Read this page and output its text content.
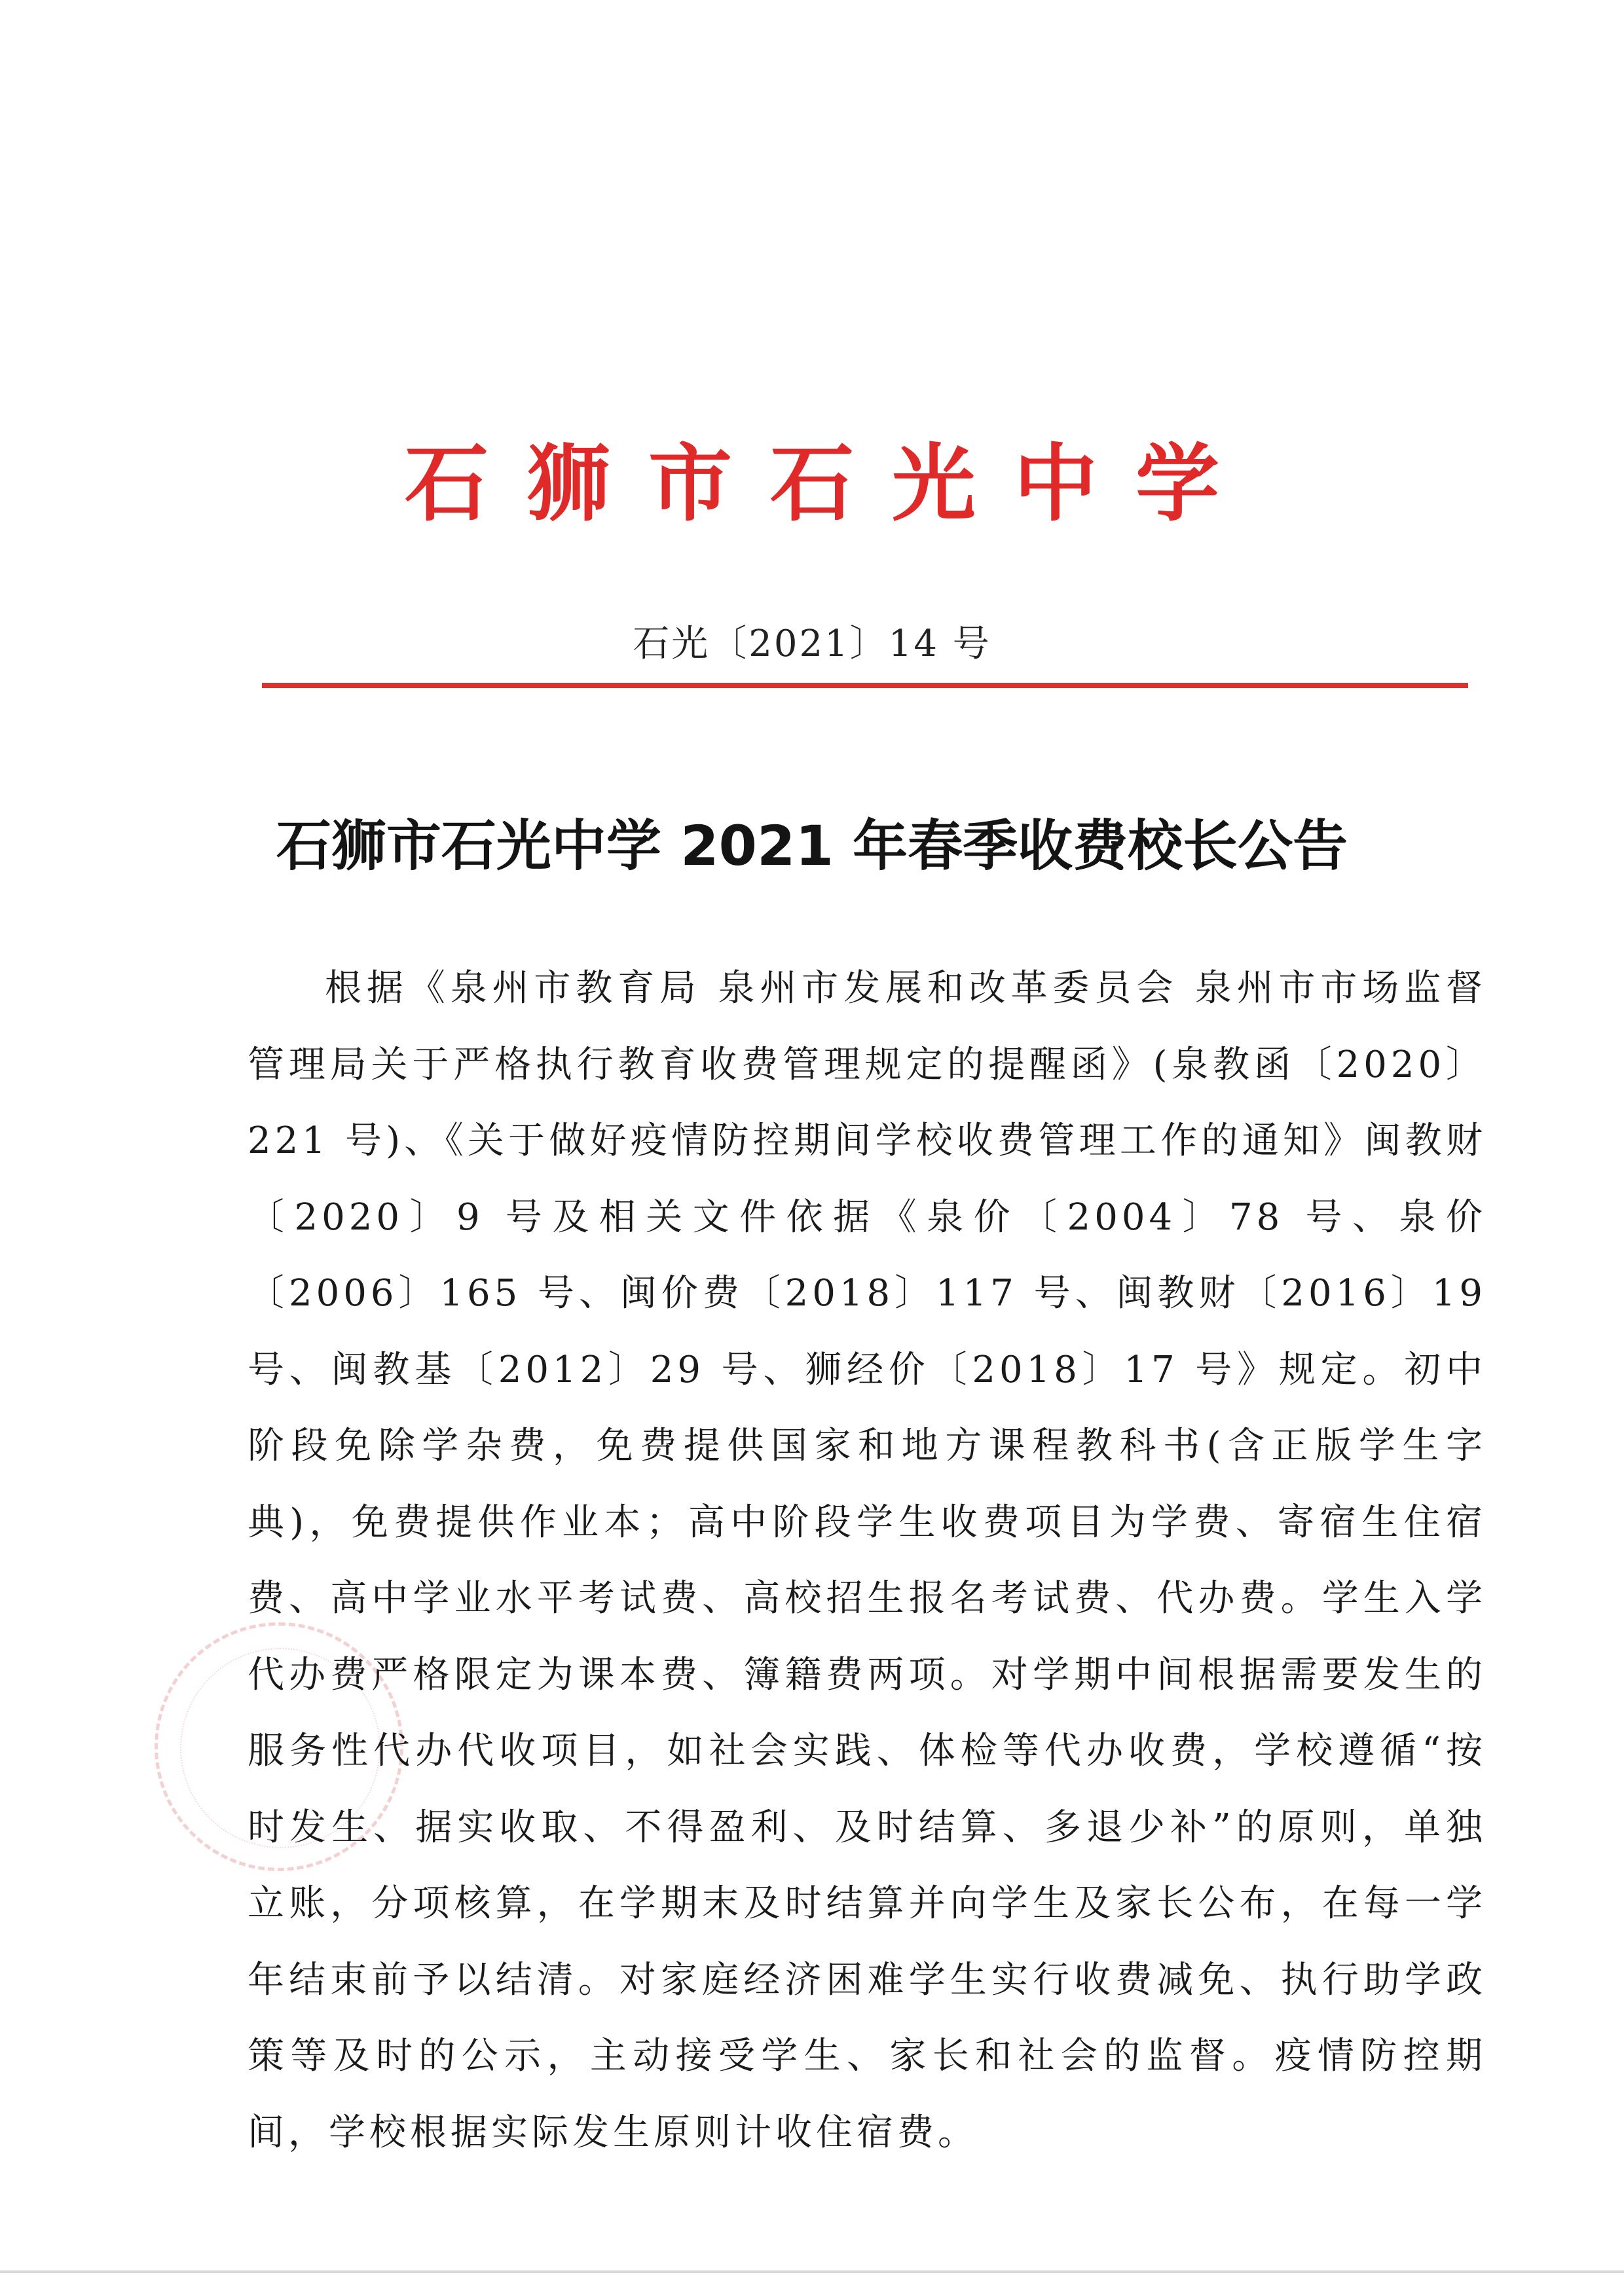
石狮市石光中学
石光〔2021〕14 号
石狮市石光中学 2021 年春季收费校长公告

根据《泉州市教育局 泉州市发展和改革委员会 泉州市市场监督管理局关于严格执行教育收费管理规定的提醒函》(泉教函〔2020〕221 号)、《关于做好疫情防控期间学校收费管理工作的通知》闽教财〔2020〕9 号及相关文件依据《泉价〔2004〕78 号、泉价〔2006〕165 号、闽价费〔2018〕117 号、闽教财〔2016〕19 号、闽教基〔2012〕29 号、狮经价〔2018〕17 号》规定。初中阶段免除学杂费，免费提供国家和地方课程教科书(含正版学生字典)，免费提供作业本；高中阶段学生收费项目为学费、寄宿生住宿费、高中学业水平考试费、高校招生报名考试费、代办费。学生入学代办费严格限定为课本费、簿籍费两项。对学期中间根据需要发生的服务性代办代收项目，如社会实践、体检等代办收费，学校遵循“按时发生、据实收取、不得盈利、及时结算、多退少补”的原则，单独立账，分项核算，在学期末及时结算并向学生及家长公布，在每一学年结束前予以结清。对家庭经济困难学生实行收费减免、执行助学政策等及时的公示，主动接受学生、家长和社会的监督。疫情防控期间，学校根据实际发生原则计收住宿费。
